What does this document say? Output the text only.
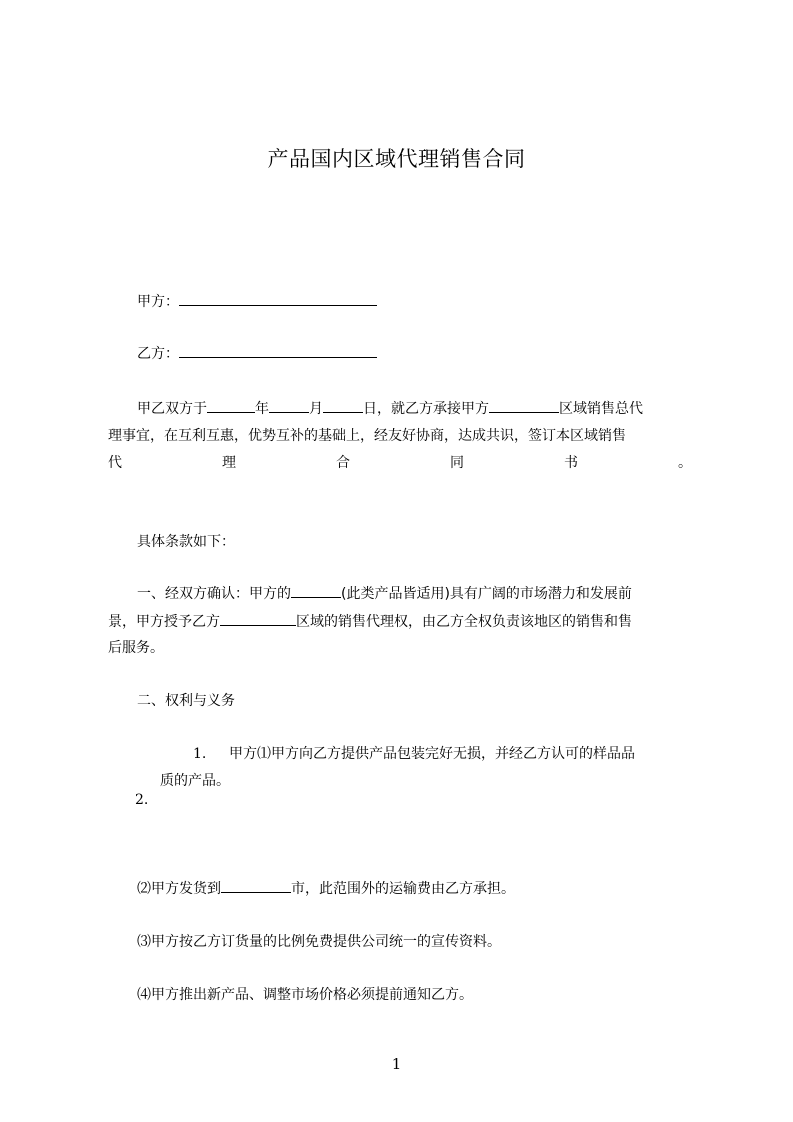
产品国内区域代理销售合同
甲方：
乙方：
甲乙双方于	年	月	日，就乙方承接甲方	区域销售总代
理事宜，在互利互惠，优势互补的基础上，经友好协商，达成共识，签订本区域销售
代	理	合	同	书	。
具体条款如下：
一、经双方确认：甲方的	(此类产品皆适用)具有广阔的市场潜力和发展前
景，甲方授予乙方	区域的销售代理权，由乙方全权负责该地区的销售和售
后服务。
二、权利与义务
1. 甲方⑴甲方向乙方提供产品包装完好无损，并经乙方认可的样品品
质的产品。
2.
⑵甲方发货到	市，此范围外的运输费由乙方承担。
⑶甲方按乙方订货量的比例免费提供公司统一的宣传资料。
⑷甲方推出新产品、调整市场价格必须提前通知乙方。
1
